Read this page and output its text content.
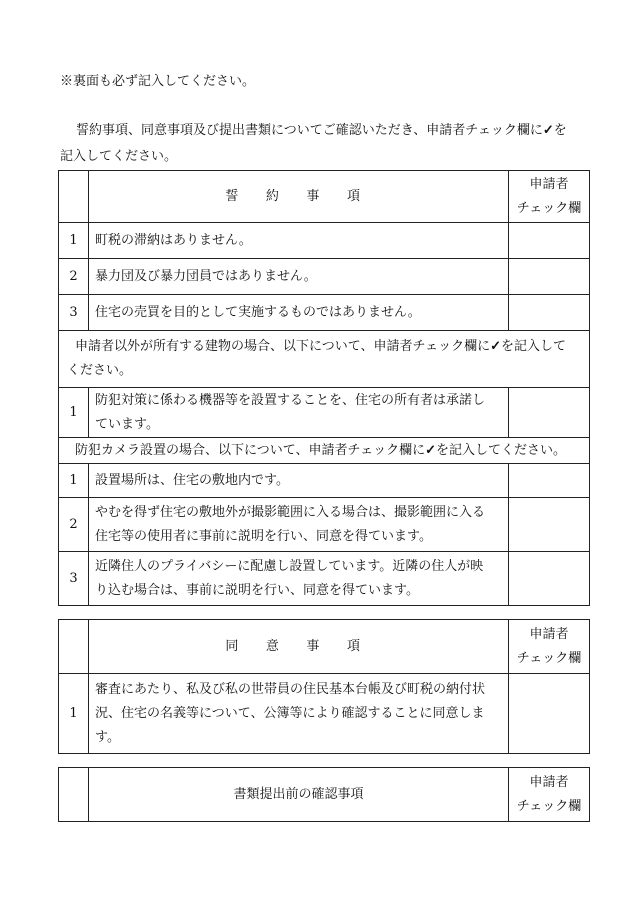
※裏面も必ず記入してください。
誓約事項、同意事項及び提出書類についてご確認いただき、申請者チェック欄に✓を
記入してください。
	誓 約 事 項	申請者
チェック欄
1	町税の滞納はありません。	
2	暴力団及び暴力団員ではありません。	
3	住宅の売買を目的として実施するものではありません。	
申請者以外が所有する建物の場合、以下について、申請者チェック欄に✓を記入して
ください。		
1	防犯対策に係わる機器等を設置することを、住宅の所有者は承諾し
ています。	
防犯カメラ設置の場合、以下について、申請者チェック欄に✓を記入してください。		
1	設置場所は、住宅の敷地内です。	
2	やむを得ず住宅の敷地外が撮影範囲に入る場合は、撮影範囲に入る
住宅等の使用者に事前に説明を行い、同意を得ています。	
3	近隣住人のプライバシーに配慮し設置しています。近隣の住人が映
り込む場合は、事前に説明を行い、同意を得ています。	
	同 意 事 項	申請者
チェック欄
1	審査にあたり、私及び私の世帯員の住民基本台帳及び町税の納付状
況、住宅の名義等について、公簿等により確認することに同意しま
す。	
	書類提出前の確認事項	申請者
チェック欄
